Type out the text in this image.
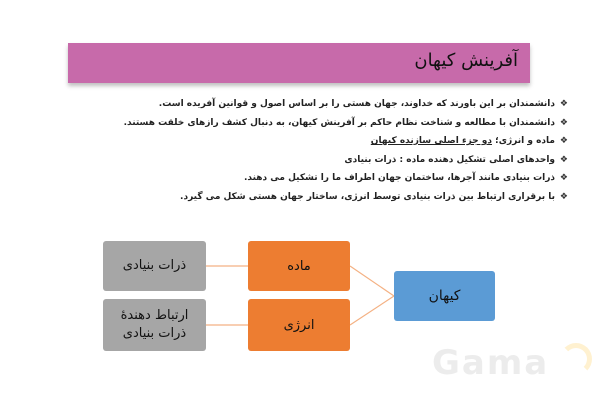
آفرینش کیهان
❖
دانشمندان بر این باورند که خداوند، جهان هستی را بر اساس اصول و قوانین آفریده است.
❖
دانشمندان با مطالعه و شناخت نظام حاکم بر آفرینش کیهان، به دنبال کشف رازهای خلقت هستند.
❖
ماده و انرژی؛ دو جزء اصلی سازنده کیهان
❖
واحدهای اصلی تشکیل دهنده ماده : ذرات بنیادی
❖
ذرات بنیادی مانند آجرها، ساختمان جهان اطراف ما را تشکیل می دهند.
❖
با برقراری ارتباط بین ذرات بنیادی توسط انرژی، ساختار جهان هستی شکل می گیرد.
ذرات بنیادی
ارتباط دهندهٔ
ذرات بنیادی
ماده
انرژی
کیهان
Gama
